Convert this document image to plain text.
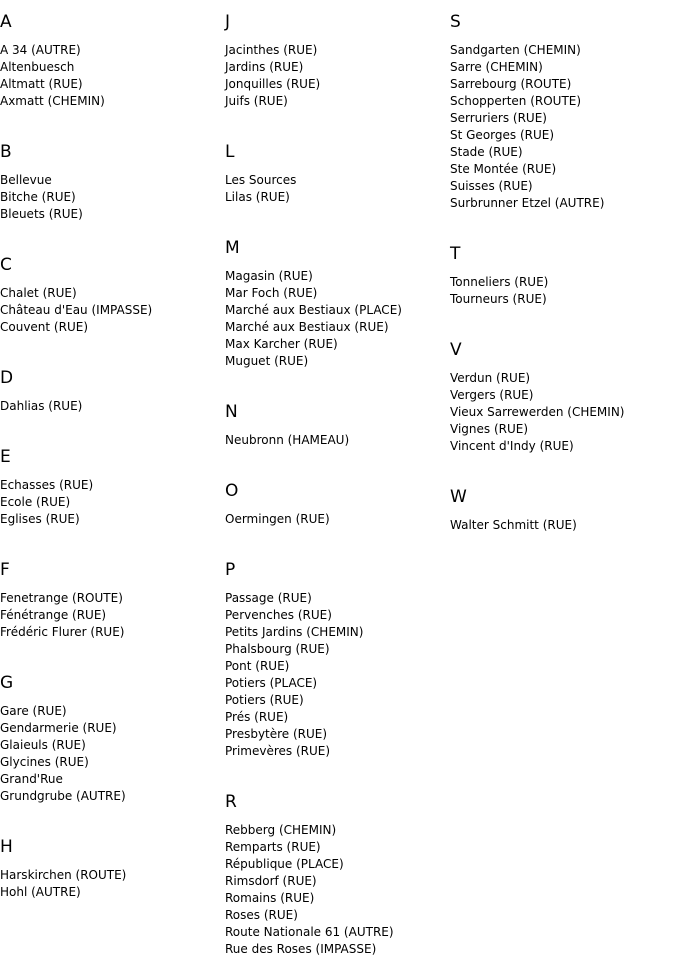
A
A 34 (AUTRE)
Altenbuesch
Altmatt (RUE)
Axmatt (CHEMIN)
B
Bellevue
Bitche (RUE)
Bleuets (RUE)
C
Chalet (RUE)
Château d'Eau (IMPASSE)
Couvent (RUE)
D
Dahlias (RUE)
E
Echasses (RUE)
Ecole (RUE)
Eglises (RUE)
F
Fenetrange (ROUTE)
Fénétrange (RUE)
Frédéric Flurer (RUE)
G
Gare (RUE)
Gendarmerie (RUE)
Glaieuls (RUE)
Glycines (RUE)
Grand'Rue
Grundgrube (AUTRE)
H
Harskirchen (ROUTE)
Hohl (AUTRE)
J
Jacinthes (RUE)
Jardins (RUE)
Jonquilles (RUE)
Juifs (RUE)
L
Les Sources
Lilas (RUE)
M
Magasin (RUE)
Mar Foch (RUE)
Marché aux Bestiaux (PLACE)
Marché aux Bestiaux (RUE)
Max Karcher (RUE)
Muguet (RUE)
N
Neubronn (HAMEAU)
O
Oermingen (RUE)
P
Passage (RUE)
Pervenches (RUE)
Petits Jardins (CHEMIN)
Phalsbourg (RUE)
Pont (RUE)
Potiers (PLACE)
Potiers (RUE)
Prés (RUE)
Presbytère (RUE)
Primevères (RUE)
R
Rebberg (CHEMIN)
Remparts (RUE)
République (PLACE)
Rimsdorf (RUE)
Romains (RUE)
Roses (RUE)
Route Nationale 61 (AUTRE)
Rue des Roses (IMPASSE)
S
Sandgarten (CHEMIN)
Sarre (CHEMIN)
Sarrebourg (ROUTE)
Schopperten (ROUTE)
Serruriers (RUE)
St Georges (RUE)
Stade (RUE)
Ste Montée (RUE)
Suisses (RUE)
Surbrunner Etzel (AUTRE)
T
Tonneliers (RUE)
Tourneurs (RUE)
V
Verdun (RUE)
Vergers (RUE)
Vieux Sarrewerden (CHEMIN)
Vignes (RUE)
Vincent d'Indy (RUE)
W
Walter Schmitt (RUE)
